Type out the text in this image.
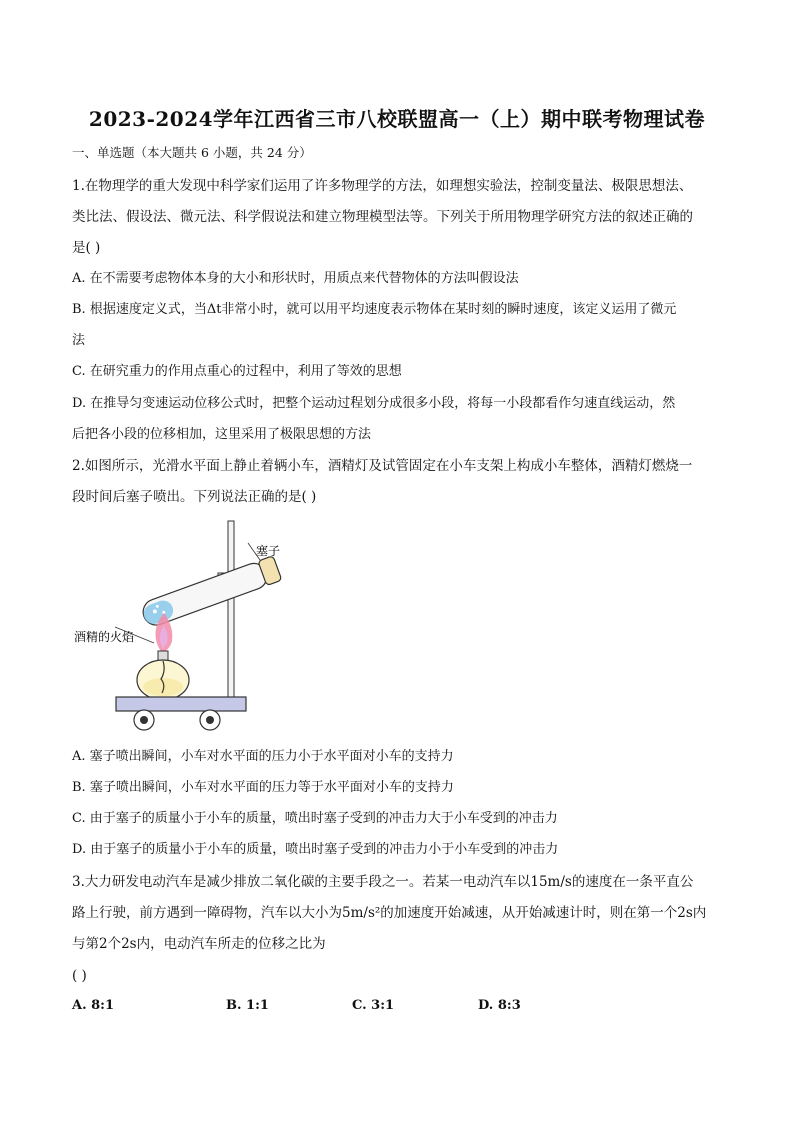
2023-2024学年江西省三市八校联盟高一（上）期中联考物理试卷
一、单选题（本大题共 6 小题，共 24 分）
1.在物理学的重大发现中科学家们运用了许多物理学的方法，如理想实验法，控制变量法、极限思想法、
类比法、假设法、微元法、科学假说法和建立物理模型法等。下列关于所用物理学研究方法的叙述正确的
是( )
A. 在不需要考虑物体本身的大小和形状时，用质点来代替物体的方法叫假设法
B. 根据速度定义式，当Δt非常小时，就可以用平均速度表示物体在某时刻的瞬时速度，该定义运用了微元
法
C. 在研究重力的作用点重心的过程中，利用了等效的思想
D. 在推导匀变速运动位移公式时，把整个运动过程划分成很多小段，将每一小段都看作匀速直线运动，然
后把各小段的位移相加，这里采用了极限思想的方法
2.如图所示，光滑水平面上静止着辆小车，酒精灯及试管固定在小车支架上构成小车整体，酒精灯燃烧一
段时间后塞子喷出。下列说法正确的是( )
塞子
酒精的火焰
A. 塞子喷出瞬间，小车对水平面的压力小于水平面对小车的支持力
B. 塞子喷出瞬间，小车对水平面的压力等于水平面对小车的支持力
C. 由于塞子的质量小于小车的质量，喷出时塞子受到的冲击力大于小车受到的冲击力
D. 由于塞子的质量小于小车的质量，喷出时塞子受到的冲击力小于小车受到的冲击力
3.大力研发电动汽车是减少排放二氧化碳的主要手段之一。若某一电动汽车以15m/s的速度在一条平直公
路上行驶，前方遇到一障碍物，汽车以大小为5m/s²的加速度开始减速，从开始减速计时，则在第一个2s内
与第2个2s内，电动汽车所走的位移之比为
( )
A. 8:1	B. 1:1	C. 3:1	D. 8:3
